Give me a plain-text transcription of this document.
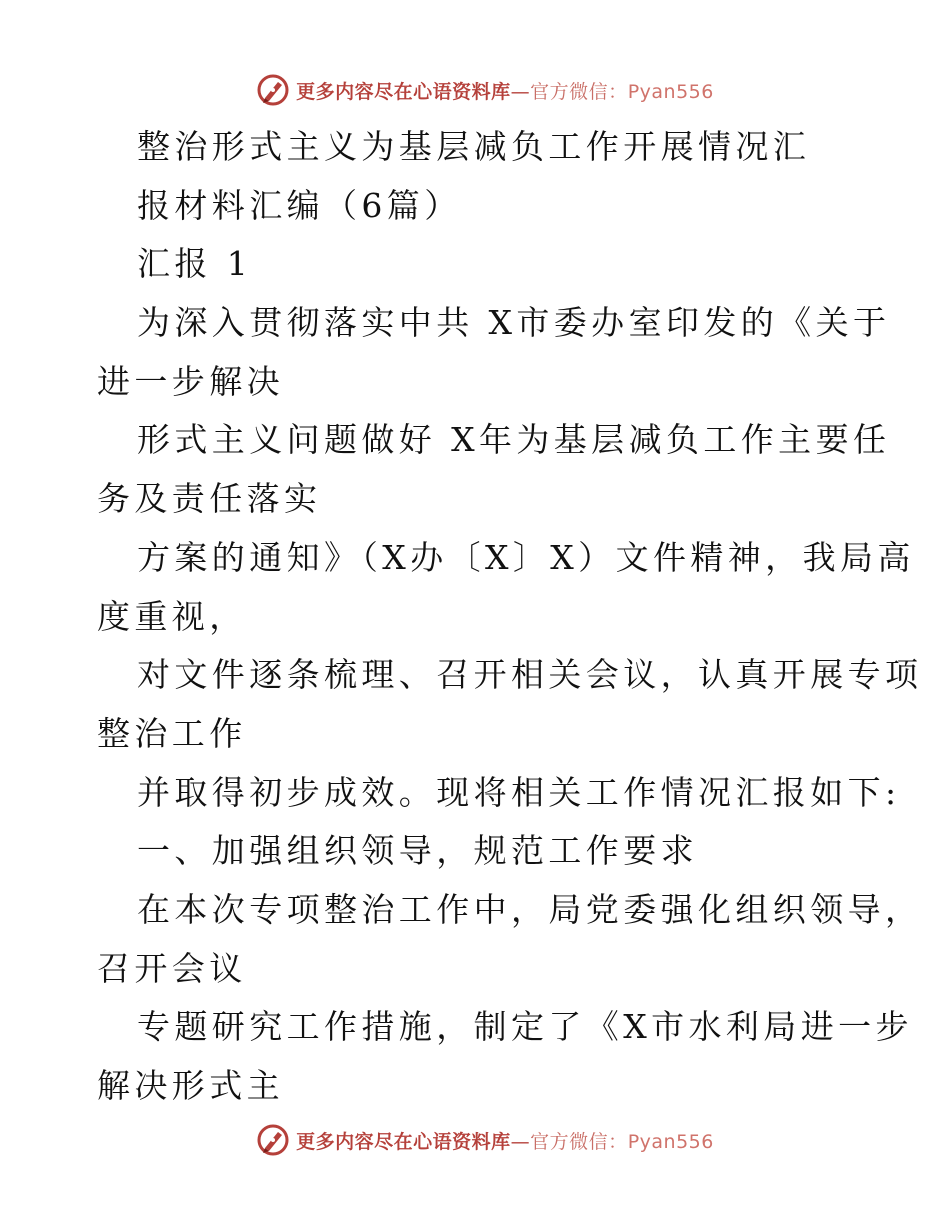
更多内容尽在心语资料库—官方微信：Pyan556
整治形式主义为基层减负工作开展情况汇
报材料汇编（6篇）
汇报 1
为深入贯彻落实中共 X市委办室印发的《关于
进一步解决
形式主义问题做好 X年为基层减负工作主要任
务及责任落实
方案的通知》（X办〔X〕X）文件精神，我局高
度重视，
对文件逐条梳理、召开相关会议，认真开展专项
整治工作
并取得初步成效。现将相关工作情况汇报如下:
一、加强组织领导，规范工作要求
在本次专项整治工作中，局党委强化组织领导，
召开会议
专题研究工作措施，制定了《X市水利局进一步
解决形式主
更多内容尽在心语资料库—官方微信：Pyan556
